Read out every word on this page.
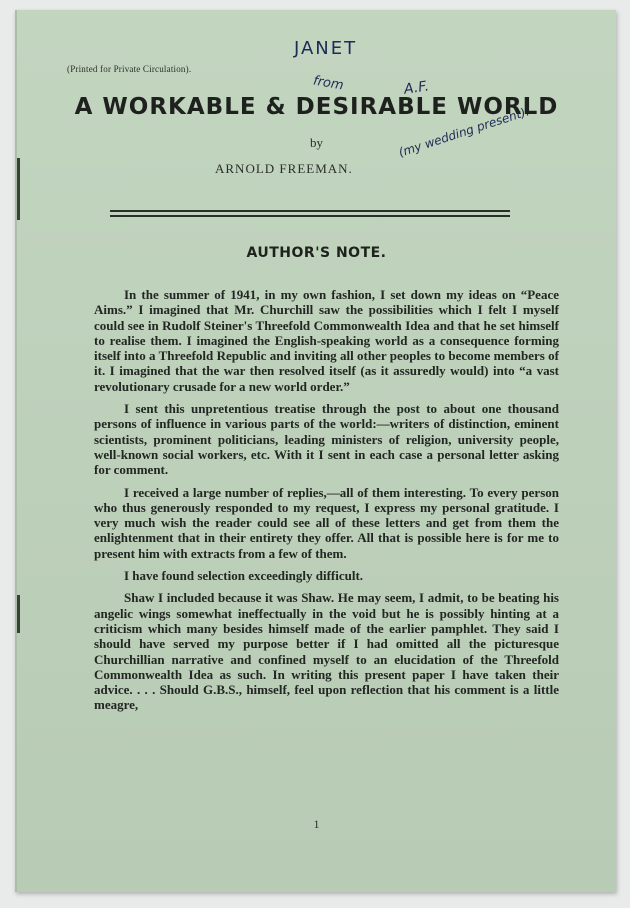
(Printed for Private Circulation).
JANET
from	A.F.
(my wedding present).
A WORKABLE & DESIRABLE WORLD
by
ARNOLD FREEMAN.
AUTHOR'S NOTE.

In the summer of 1941, in my own fashion, I set down my ideas on “Peace Aims.” I imagined that Mr. Churchill saw the possibilities which I felt I myself could see in Rudolf Steiner's Threefold Commonwealth Idea and that he set himself to realise them. I imagined the English-speaking world as a consequence forming itself into a Threefold Republic and inviting all other peoples to become members of it. I imagined that the war then resolved itself (as it assuredly would) into “a vast revolutionary crusade for a new world order.”

I sent this unpretentious treatise through the post to about one thousand persons of influence in various parts of the world:—writers of distinction, eminent scientists, prominent politicians, leading ministers of religion, university people, well-known social workers, etc. With it I sent in each case a personal letter asking for comment.

I received a large number of replies,—all of them interesting. To every person who thus generously responded to my request, I express my personal gratitude. I very much wish the reader could see all of these letters and get from them the enlightenment that in their entirety they offer. All that is possible here is for me to present him with extracts from a few of them.

I have found selection exceedingly difficult.

Shaw I included because it was Shaw. He may seem, I admit, to be beating his angelic wings somewhat ineffectually in the void but he is possibly hinting at a criticism which many besides himself made of the earlier pamphlet. They said I should have served my purpose better if I had omitted all the picturesque Churchillian narrative and confined myself to an elucidation of the Threefold Commonwealth Idea as such. In writing this present paper I have taken their advice. . . . Should G.B.S., himself, feel upon reflection that his comment is a little meagre,

1
